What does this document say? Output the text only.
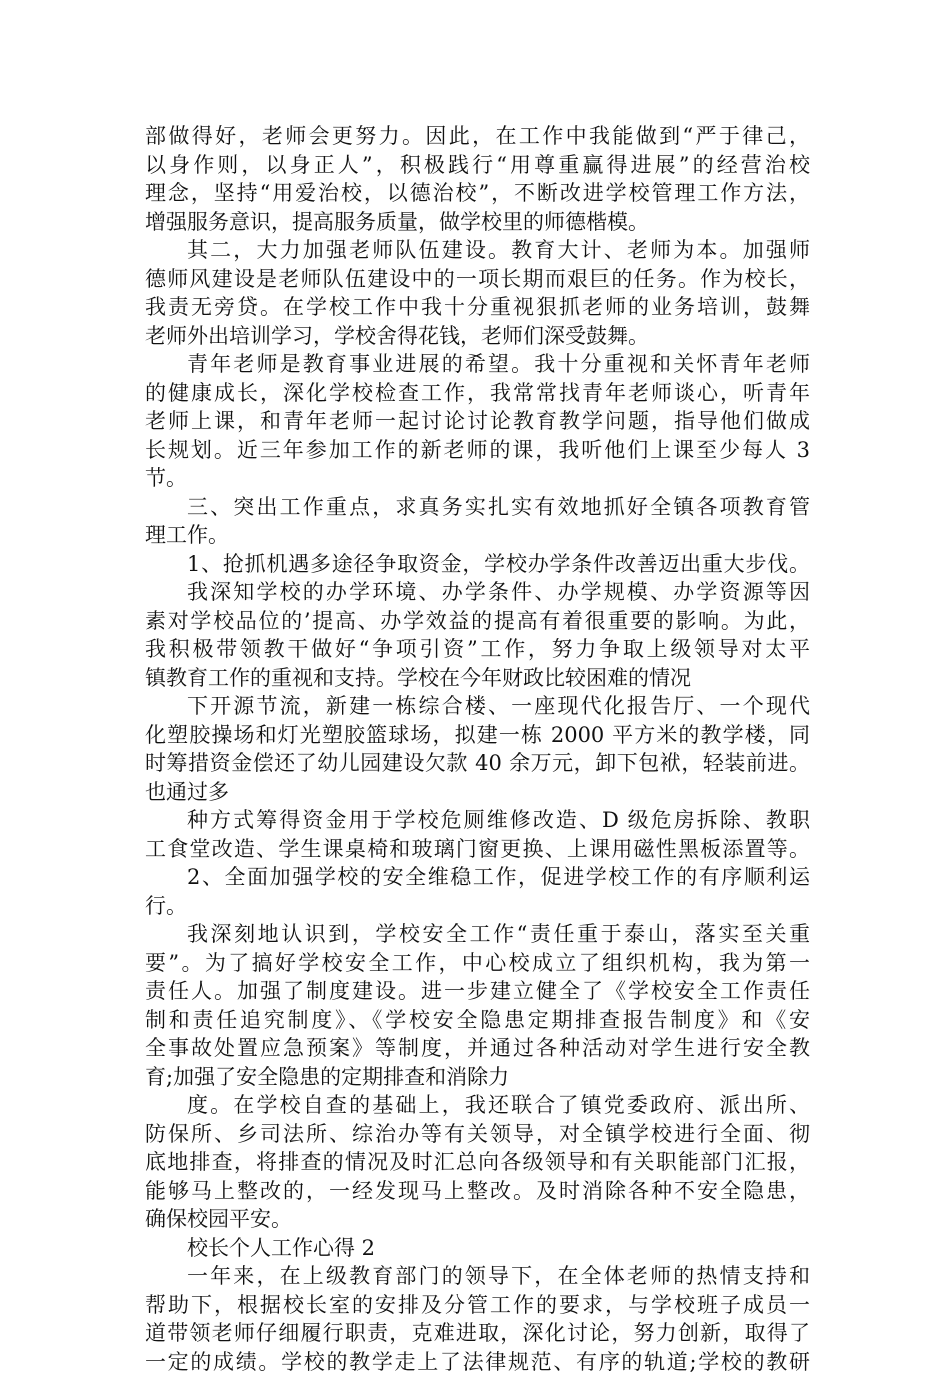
部做得好，老师会更努力。因此，在工作中我能做到“严于律己，
以身作则，以身正人”，积极践行“用尊重赢得进展”的经营治校
理念，坚持“用爱治校，以德治校”，不断改进学校管理工作方法，
增强服务意识，提高服务质量，做学校里的师德楷模。
其二，大力加强老师队伍建设。教育大计、老师为本。加强师
德师风建设是老师队伍建设中的一项长期而艰巨的任务。作为校长，
我责无旁贷。在学校工作中我十分重视狠抓老师的业务培训，鼓舞
老师外出培训学习，学校舍得花钱，老师们深受鼓舞。
青年老师是教育事业进展的希望。我十分重视和关怀青年老师
的健康成长，深化学校检查工作，我常常找青年老师谈心，听青年
老师上课，和青年老师一起讨论讨论教育教学问题，指导他们做成
长规划。近三年参加工作的新老师的课，我听他们上课至少每人 3
节。
三、突出工作重点，求真务实扎实有效地抓好全镇各项教育管
理工作。
1、抢抓机遇多途径争取资金，学校办学条件改善迈出重大步伐。
我深知学校的办学环境、办学条件、办学规模、办学资源等因
素对学校品位的’提高、办学效益的提高有着很重要的影响。为此，
我积极带领教干做好“争项引资”工作，努力争取上级领导对太平
镇教育工作的重视和支持。学校在今年财政比较困难的情况
下开源节流，新建一栋综合楼、一座现代化报告厅、一个现代
化塑胶操场和灯光塑胶篮球场，拟建一栋 2000 平方米的教学楼，同
时筹措资金偿还了幼儿园建设欠款 40 余万元，卸下包袱，轻装前进。
也通过多
种方式筹得资金用于学校危厕维修改造、D 级危房拆除、教职
工食堂改造、学生课桌椅和玻璃门窗更换、上课用磁性黑板添置等。
2、全面加强学校的安全维稳工作，促进学校工作的有序顺利运
行。
我深刻地认识到，学校安全工作“责任重于泰山，落实至关重
要”。为了搞好学校安全工作，中心校成立了组织机构，我为第一
责任人。加强了制度建设。进一步建立健全了《学校安全工作责任
制和责任追究制度》、《学校安全隐患定期排查报告制度》和《安
全事故处置应急预案》等制度，并通过各种活动对学生进行安全教
育;加强了安全隐患的定期排查和消除力
度。在学校自查的基础上，我还联合了镇党委政府、派出所、
防保所、乡司法所、综治办等有关领导，对全镇学校进行全面、彻
底地排查，将排查的情况及时汇总向各级领导和有关职能部门汇报，
能够马上整改的，一经发现马上整改。及时消除各种不安全隐患，
确保校园平安。
校长个人工作心得 2
一年来，在上级教育部门的领导下，在全体老师的热情支持和
帮助下，根据校长室的安排及分管工作的要求，与学校班子成员一
道带领老师仔细履行职责，克难进取，深化讨论，努力创新，取得了
一定的成绩。学校的教学走上了法律规范、有序的轨道;学校的教研
